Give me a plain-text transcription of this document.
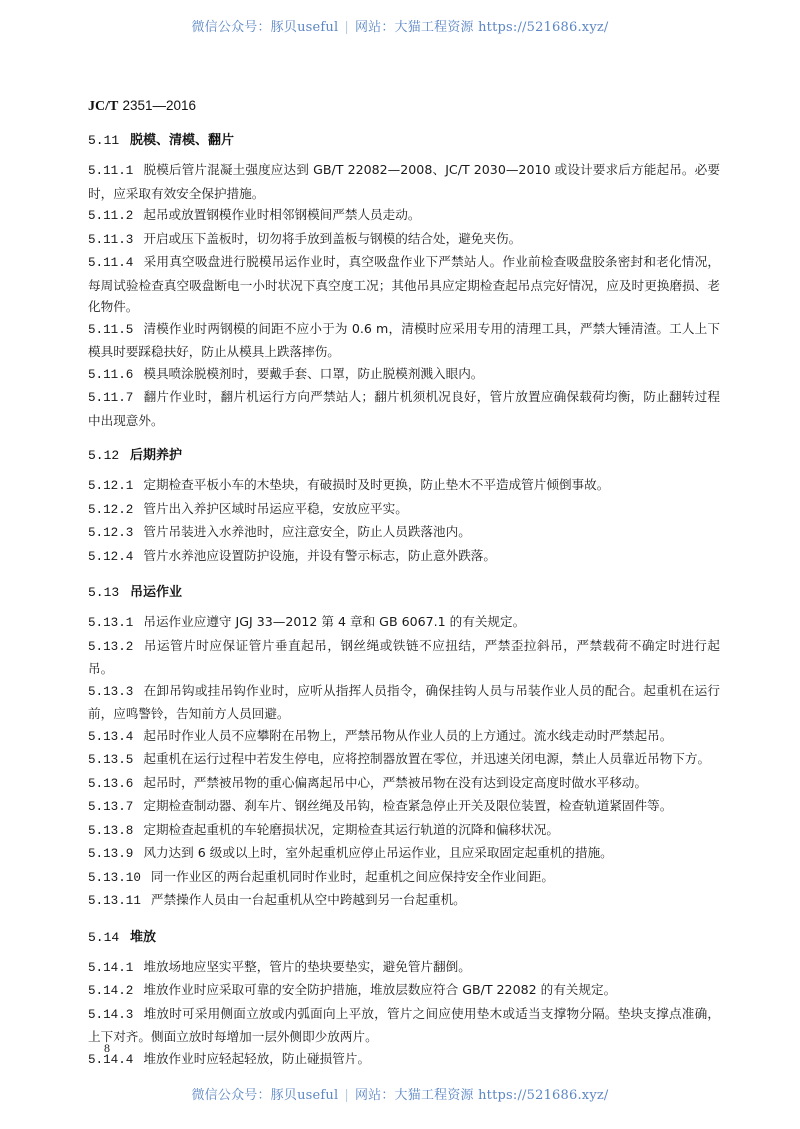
微信公众号：豚贝useful | 网站：大猫工程资源 https://521686.xyz/
JC/T 2351—2016
5.11 脱模、清模、翻片
5.11.1 脱模后管片混凝土强度应达到 GB/T 22082—2008、JC/T 2030—2010 或设计要求后方能起吊。必要时，应采取有效安全保护措施。
5.11.2 起吊或放置钢模作业时相邻钢模间严禁人员走动。
5.11.3 开启或压下盖板时，切勿将手放到盖板与钢模的结合处，避免夹伤。
5.11.4 采用真空吸盘进行脱模吊运作业时，真空吸盘作业下严禁站人。作业前检查吸盘胶条密封和老化情况，每周试验检查真空吸盘断电一小时状况下真空度工况；其他吊具应定期检查起吊点完好情况，应及时更换磨损、老化物件。
5.11.5 清模作业时两钢模的间距不应小于为 0.6 m，清模时应采用专用的清理工具，严禁大锤清渣。工人上下模具时要踩稳扶好，防止从模具上跌落摔伤。
5.11.6 模具喷涂脱模剂时，要戴手套、口罩，防止脱模剂溅入眼内。
5.11.7 翻片作业时，翻片机运行方向严禁站人；翻片机须机况良好，管片放置应确保载荷均衡，防止翻转过程中出现意外。
5.12 后期养护
5.12.1 定期检查平板小车的木垫块，有破损时及时更换，防止垫木不平造成管片倾倒事故。
5.12.2 管片出入养护区域时吊运应平稳，安放应平实。
5.12.3 管片吊装进入水养池时，应注意安全，防止人员跌落池内。
5.12.4 管片水养池应设置防护设施，并设有警示标志，防止意外跌落。
5.13 吊运作业
5.13.1 吊运作业应遵守 JGJ 33—2012 第 4 章和 GB 6067.1 的有关规定。
5.13.2 吊运管片时应保证管片垂直起吊，钢丝绳或铁链不应扭结，严禁歪拉斜吊，严禁载荷不确定时进行起吊。
5.13.3 在卸吊钩或挂吊钩作业时，应听从指挥人员指令，确保挂钩人员与吊装作业人员的配合。起重机在运行前，应鸣警铃，告知前方人员回避。
5.13.4 起吊时作业人员不应攀附在吊物上，严禁吊物从作业人员的上方通过。流水线走动时严禁起吊。
5.13.5 起重机在运行过程中若发生停电，应将控制器放置在零位，并迅速关闭电源，禁止人员靠近吊物下方。
5.13.6 起吊时，严禁被吊物的重心偏离起吊中心，严禁被吊物在没有达到设定高度时做水平移动。
5.13.7 定期检查制动器、刹车片、钢丝绳及吊钩，检查紧急停止开关及限位装置，检查轨道紧固件等。
5.13.8 定期检查起重机的车轮磨损状况，定期检查其运行轨道的沉降和偏移状况。
5.13.9 风力达到 6 级或以上时，室外起重机应停止吊运作业，且应采取固定起重机的措施。
5.13.10 同一作业区的两台起重机同时作业时，起重机之间应保持安全作业间距。
5.13.11 严禁操作人员由一台起重机从空中跨越到另一台起重机。
5.14 堆放
5.14.1 堆放场地应坚实平整，管片的垫块要垫实，避免管片翻倒。
5.14.2 堆放作业时应采取可靠的安全防护措施，堆放层数应符合 GB/T 22082 的有关规定。
5.14.3 堆放时可采用侧面立放或内弧面向上平放，管片之间应使用垫木或适当支撑物分隔。垫块支撑点准确，上下对齐。侧面立放时每增加一层外侧即少放两片。
5.14.4 堆放作业时应轻起轻放，防止碰损管片。
8
微信公众号：豚贝useful | 网站：大猫工程资源 https://521686.xyz/
